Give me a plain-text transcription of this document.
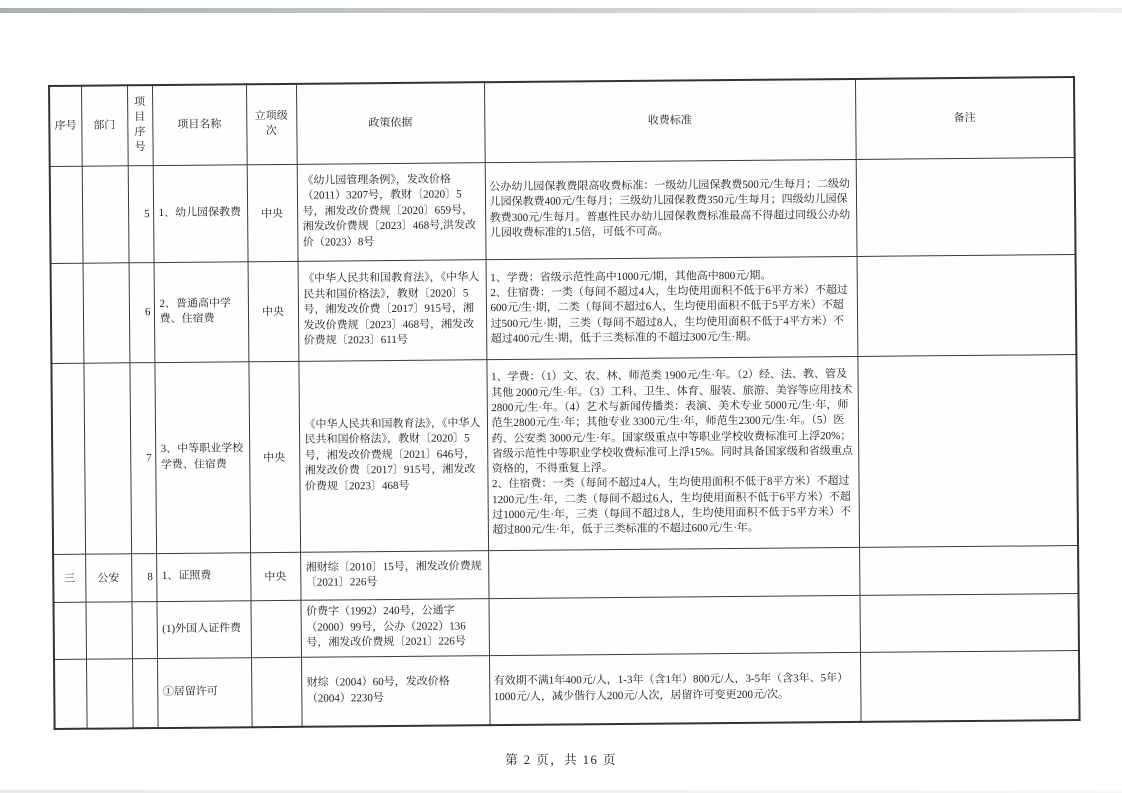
序号	部门	项目序号	项目名称	立项级次	政策依据	收费标准	备注
		5	1、幼儿园保教费	中央	《幼儿园管理条例》，发改价格（2011）3207号，教财〔2020〕5号，湘发改价费规〔2020〕659号，湘发改价费规〔2023〕468号,洪发改价（2023）8号	公办幼儿园保教费限高收费标准：一级幼儿园保教费500元/生每月；二级幼儿园保教费400元/生每月；三级幼儿园保教费350元/生每月；四级幼儿园保教费300元/生每月。普惠性民办幼儿园保教费标准最高不得超过同级公办幼儿园收费标准的1.5倍，可低不可高。	
		6	2、普通高中学费、住宿费	中央	《中华人民共和国教育法》，《中华人民共和国价格法》，教财〔2020〕5号，湘发改价费〔2017〕915号，湘发改价费规〔2023〕468号，湘发改价费规〔2023〕611号	1、学费：省级示范性高中1000元/期，其他高中800元/期。
2、住宿费：一类（每间不超过4人，生均使用面积不低于6平方米）不超过600元/生·期，二类（每间不超过6人，生均使用面积不低于5平方米）不超过500元/生·期，三类（每间不超过8人，生均使用面积不低于4平方米）不超过400元/生·期，低于三类标准的不超过300元/生·期。	
		7	3、中等职业学校学费、住宿费	中央	《中华人民共和国教育法》，《中华人民共和国价格法》，教财〔2020〕5号，湘发改价费规〔2021〕646号，湘发改价费〔2017〕915号，湘发改价费规〔2023〕468号	1、学费：（1）文、农、林、师范类 1900元/生·年。（2）经、法、教、管及其他 2000元/生·年。（3）工科、卫生、体育、服装、旅游、美容等应用技术 2800元/生·年。（4）艺术与新闻传播类：表演、美术专业 5000元/生·年，师范生2800元/生·年；其他专业 3300元/生·年，师范生2300元/生·年。（5）医药、公安类 3000元/生·年。国家级重点中等职业学校收费标准可上浮20%；省级示范性中等职业学校收费标准可上浮15%。同时具备国家级和省级重点资格的，不得重复上浮。
2、住宿费：一类（每间不超过4人，生均使用面积不低于8平方米）不超过1200元/生·年，二类（每间不超过6人，生均使用面积不低于6平方米）不超过1000元/生·年，三类（每间不超过8人，生均使用面积不低于5平方米）不超过800元/生·年，低于三类标准的不超过600元/生·年。	
三	公安	8	1、证照费	中央	湘财综〔2010〕15号，湘发改价费规〔2021〕226号		
			(1)外国人证件费		价费字（1992）240号，公通字（2000）99号，公办（2022）136号，湘发改价费规〔2021〕226号		
			①居留许可		财综（2004）60号，发改价格（2004）2230号	有效期不满1年400元/人，1-3年（含1年）800元/人，3-5年（含3年、5年）1000元/人，减少偕行人200元/人次，居留许可变更200元/次。	
第 2 页，共 16 页
